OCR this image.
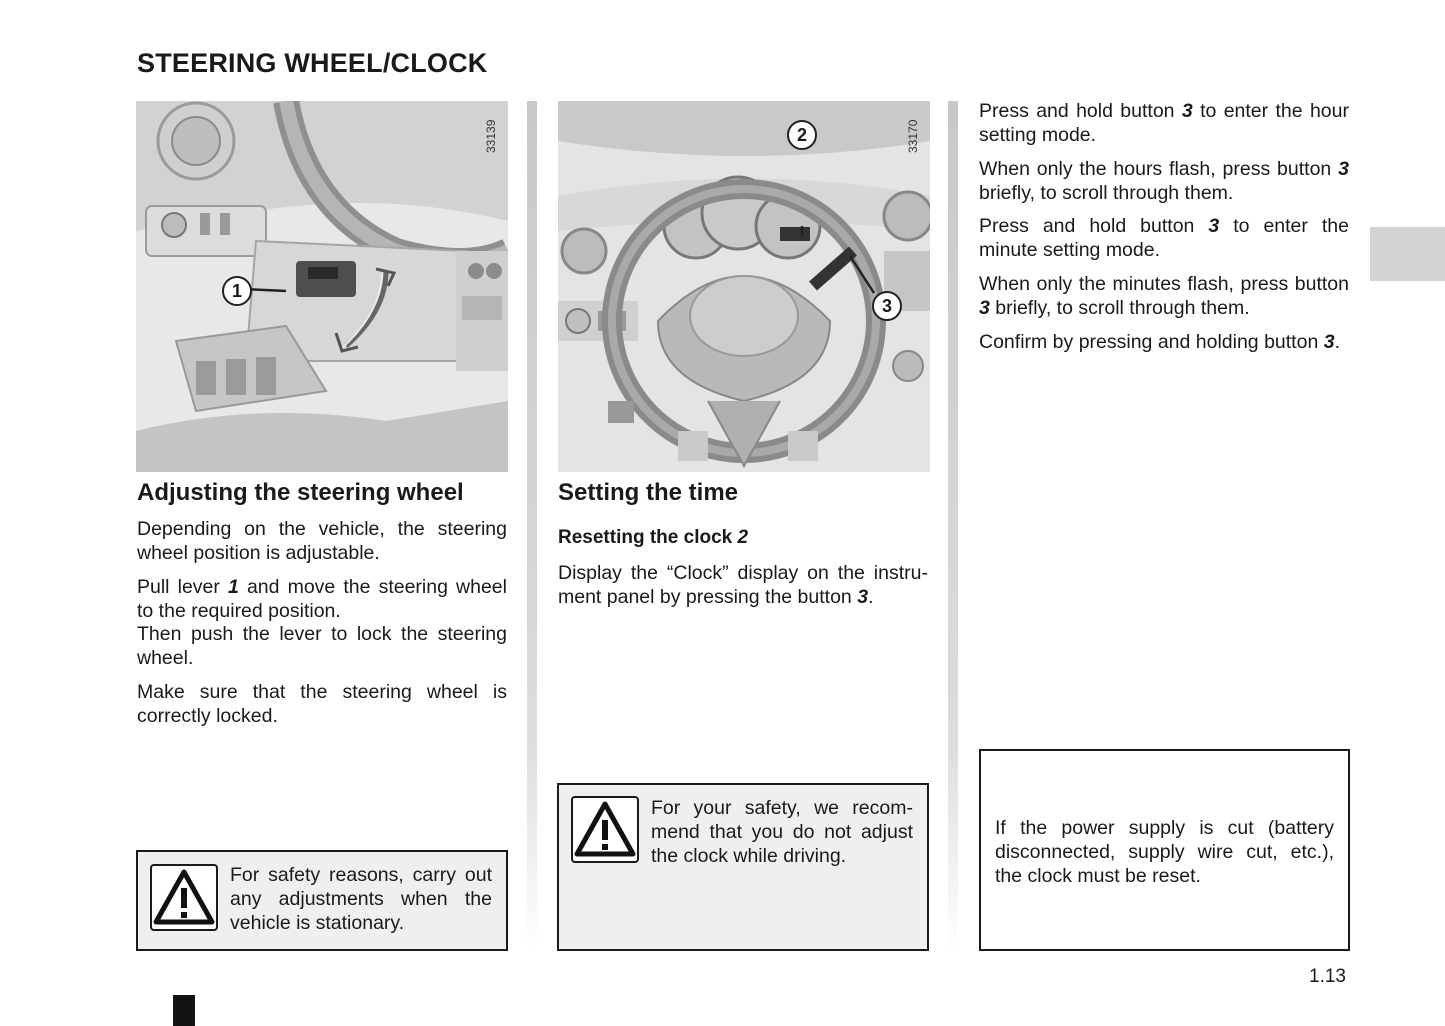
STEERING WHEEL/CLOCK
1
33139	2
3
33170
Adjusting the steering wheel

Depending on the vehicle, the steering wheel position is adjustable.

Pull lever 1 and move the steering wheel to the required position.

Then push the lever to lock the steering wheel.

Make sure that the steering wheel is correctly locked.

For safety reasons, carry out any adjustments when the vehicle is stationary.

Setting the time
Resetting the clock 2

Display the “Clock” display on the instrument panel by pressing the button 3.

For your safety, we recommend that you do not adjust the clock while driving.

Press and hold button 3 to enter the hour setting mode.

When only the hours flash, press button 3 briefly, to scroll through them.

Press and hold button 3 to enter the minute setting mode.

When only the minutes flash, press button 3 briefly, to scroll through them.

Confirm by pressing and holding button 3.

If the power supply is cut (battery disconnected, supply wire cut, etc.), the clock must be reset.

1.13
